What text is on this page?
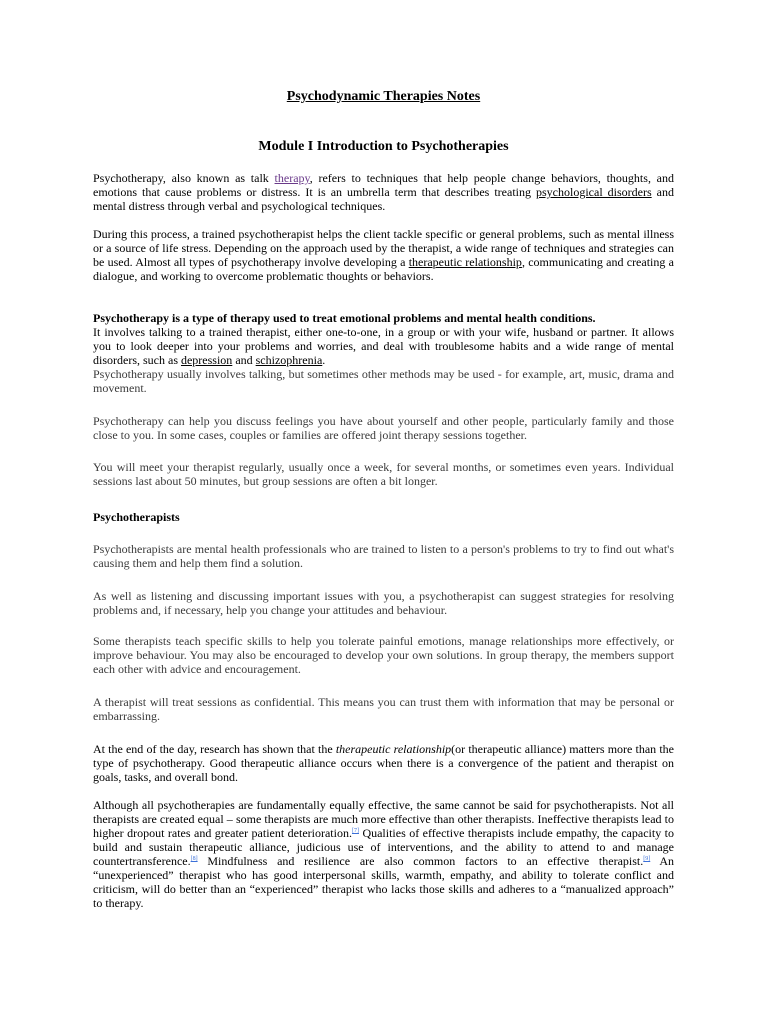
Psychodynamic Therapies Notes
Module I Introduction to Psychotherapies
Psychotherapy, also known as talk therapy, refers to techniques that help people change behaviors, thoughts, and emotions that cause problems or distress. It is an umbrella term that describes treating psychological disorders and mental distress through verbal and psychological techniques.
During this process, a trained psychotherapist helps the client tackle specific or general problems, such as mental illness or a source of life stress. Depending on the approach used by the therapist, a wide range of techniques and strategies can be used. Almost all types of psychotherapy involve developing a therapeutic relationship, communicating and creating a dialogue, and working to overcome problematic thoughts or behaviors.
Psychotherapy is a type of therapy used to treat emotional problems and mental health conditions.
It involves talking to a trained therapist, either one-to-one, in a group or with your wife, husband or partner. It allows you to look deeper into your problems and worries, and deal with troublesome habits and a wide range of mental disorders, such as depression and schizophrenia.
Psychotherapy usually involves talking, but sometimes other methods may be used - for example, art, music, drama and movement.
Psychotherapy can help you discuss feelings you have about yourself and other people, particularly family and those close to you. In some cases, couples or families are offered joint therapy sessions together.
You will meet your therapist regularly, usually once a week, for several months, or sometimes even years. Individual sessions last about 50 minutes, but group sessions are often a bit longer.
Psychotherapists
Psychotherapists are mental health professionals who are trained to listen to a person's problems to try to find out what's causing them and help them find a solution.
As well as listening and discussing important issues with you, a psychotherapist can suggest strategies for resolving problems and, if necessary, help you change your attitudes and behaviour.
Some therapists teach specific skills to help you tolerate painful emotions, manage relationships more effectively, or improve behaviour. You may also be encouraged to develop your own solutions. In group therapy, the members support each other with advice and encouragement.
A therapist will treat sessions as confidential. This means you can trust them with information that may be personal or embarrassing.
At the end of the day, research has shown that the therapeutic relationship(or therapeutic alliance) matters more than the type of psychotherapy. Good therapeutic alliance occurs when there is a convergence of the patient and therapist on goals, tasks, and overall bond.
Although all psychotherapies are fundamentally equally effective, the same cannot be said for psychotherapists. Not all therapists are created equal – some therapists are much more effective than other therapists. Ineffective therapists lead to higher dropout rates and greater patient deterioration.[7] Qualities of effective therapists include empathy, the capacity to build and sustain therapeutic alliance, judicious use of interventions, and the ability to attend to and manage countertransference.[8] Mindfulness and resilience are also common factors to an effective therapist.[9] An “unexperienced” therapist who has good interpersonal skills, warmth, empathy, and ability to tolerate conflict and criticism, will do better than an “experienced” therapist who lacks those skills and adheres to a “manualized approach” to therapy.
